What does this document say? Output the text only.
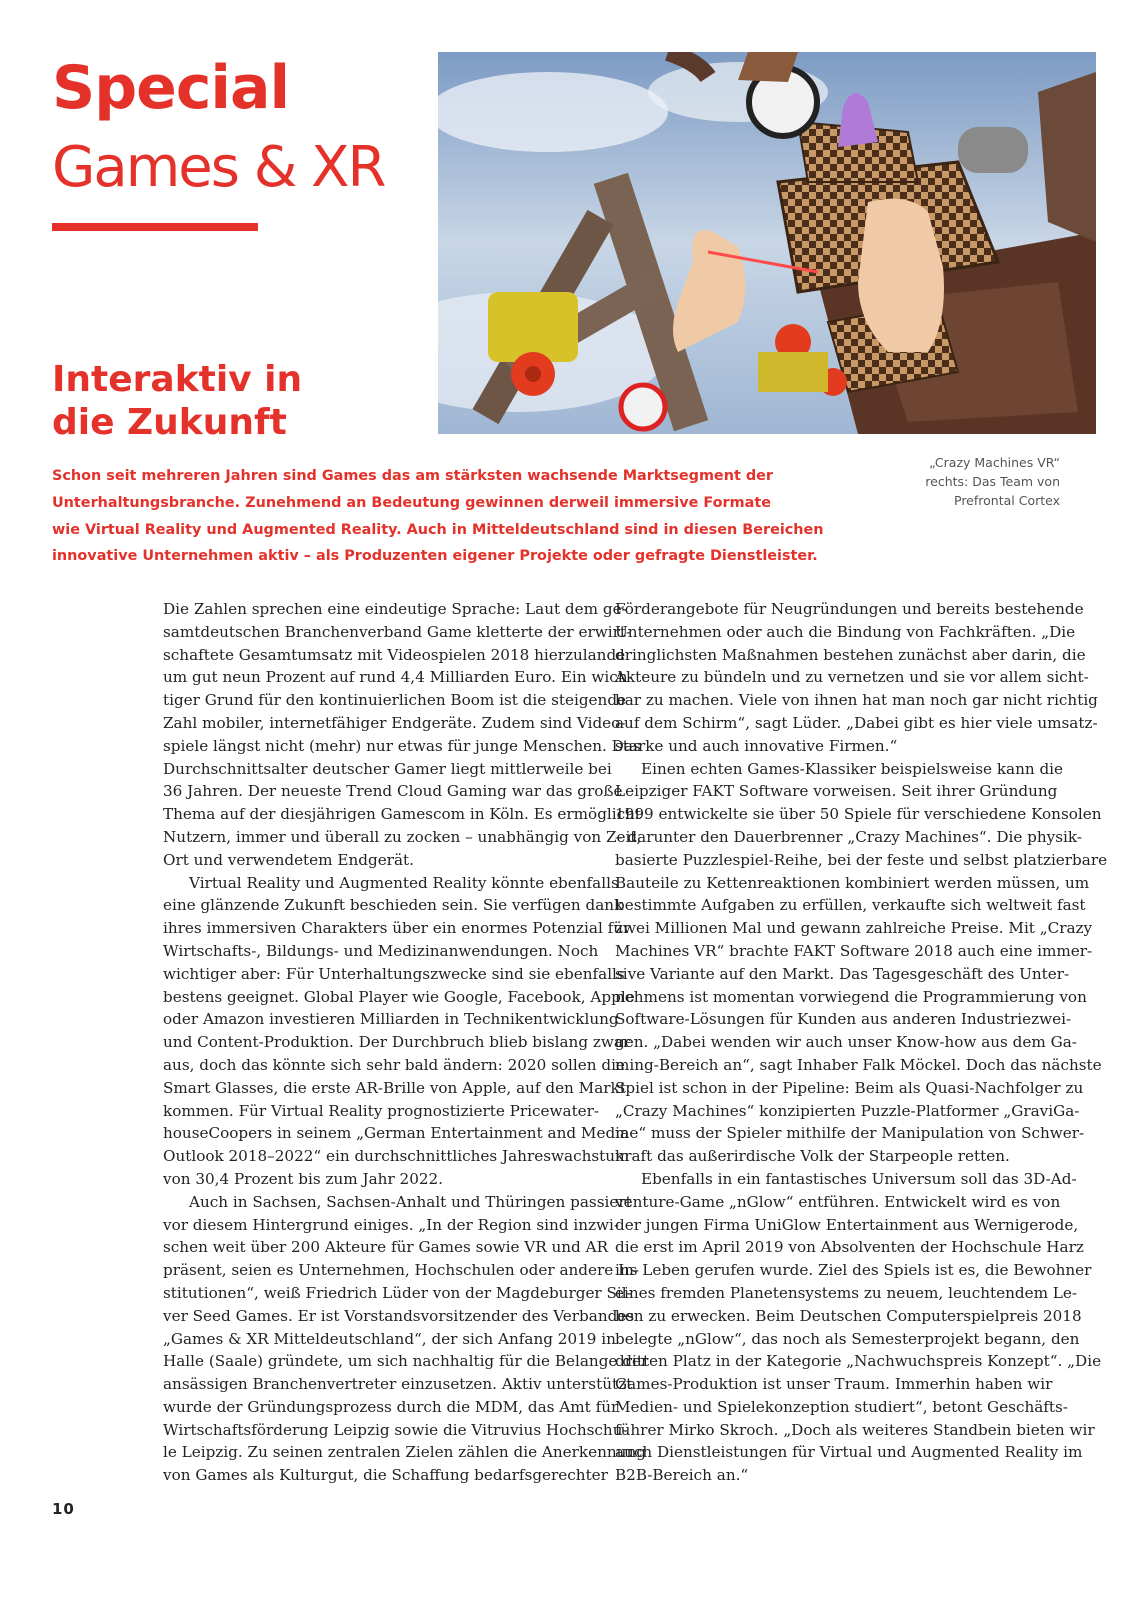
Special
Games & XR
„Crazy Machines VR“
rechts: Das Team von
Prefrontal Cortex
Interaktiv in
die Zukunft
Schon seit mehreren Jahren sind Games das am stärksten wachsende Marktsegment der
Unterhaltungsbranche. Zunehmend an Bedeutung gewinnen derweil immersive Formate
wie Virtual Reality und Augmented Reality. Auch in Mitteldeutschland sind in diesen Bereichen
innovative Unternehmen aktiv – als Produzenten eigener Projekte oder gefragte Dienstleister.
Die Zahlen sprechen eine eindeutige Sprache: Laut dem ge-
samtdeutschen Branchenverband Game kletterte der erwirt-
schaftete Gesamtumsatz mit Videospielen 2018 hierzulande
um gut neun Prozent auf rund 4,4 Milliarden Euro. Ein wich-
tiger Grund für den kontinuierlichen Boom ist die steigende
Zahl mobiler, internetfähiger Endgeräte. Zudem sind Video-
spiele längst nicht (mehr) nur etwas für junge Menschen. Das
Durchschnittsalter deutscher Gamer liegt mittlerweile bei
36 Jahren. Der neueste Trend Cloud Gaming war das große
Thema auf der diesjährigen Gamescom in Köln. Es ermöglicht
Nutzern, immer und überall zu zocken – unabhängig von Zeit,
Ort und verwendetem Endgerät.
Virtual Reality und Augmented Reality könnte ebenfalls
eine glänzende Zukunft beschieden sein. Sie verfügen dank
ihres immersiven Charakters über ein enormes Potenzial für
Wirtschafts-, Bildungs- und Medizinanwendungen. Noch
wichtiger aber: Für Unterhaltungszwecke sind sie ebenfalls
bestens geeignet. Global Player wie Google, Facebook, Apple
oder Amazon investieren Milliarden in Technikentwicklung
und Content-Produktion. Der Durchbruch blieb bislang zwar
aus, doch das könnte sich sehr bald ändern: 2020 sollen die
Smart Glasses, die erste AR-Brille von Apple, auf den Markt
kommen. Für Virtual Reality prognostizierte Pricewater-
houseCoopers in seinem „German Entertainment and Media
Outlook 2018–2022“ ein durchschnittliches Jahreswachstum
von 30,4 Prozent bis zum Jahr 2022.
Auch in Sachsen, Sachsen-Anhalt und Thüringen passiert
vor diesem Hintergrund einiges. „In der Region sind inzwi-
schen weit über 200 Akteure für Games sowie VR und AR
präsent, seien es Unternehmen, Hochschulen oder andere In-
stitutionen“, weiß Friedrich Lüder von der Magdeburger Sil-
ver Seed Games. Er ist Vorstandsvorsitzender des Verbandes
„Games & XR Mitteldeutschland“, der sich Anfang 2019 in
Halle (Saale) gründete, um sich nachhaltig für die Belange der
ansässigen Branchenvertreter einzusetzen. Aktiv unterstützt
wurde der Gründungsprozess durch die MDM, das Amt für
Wirtschaftsförderung Leipzig sowie die Vitruvius Hochschu-
le Leipzig. Zu seinen zentralen Zielen zählen die Anerkennung
von Games als Kulturgut, die Schaffung bedarfsgerechter
Förderangebote für Neugründungen und bereits bestehende
Unternehmen oder auch die Bindung von Fachkräften. „Die
dringlichsten Maßnahmen bestehen zunächst aber darin, die
Akteure zu bündeln und zu vernetzen und sie vor allem sicht-
bar zu machen. Viele von ihnen hat man noch gar nicht richtig
auf dem Schirm“, sagt Lüder. „Dabei gibt es hier viele umsatz-
starke und auch innovative Firmen.“
Einen echten Games-Klassiker beispielsweise kann die
Leipziger FAKT Software vorweisen. Seit ihrer Gründung
1999 entwickelte sie über 50 Spiele für verschiedene Konsolen
– darunter den Dauerbrenner „Crazy Machines“. Die physik-
basierte Puzzlespiel-Reihe, bei der feste und selbst platzierbare
Bauteile zu Kettenreaktionen kombiniert werden müssen, um
bestimmte Aufgaben zu erfüllen, verkaufte sich weltweit fast
zwei Millionen Mal und gewann zahlreiche Preise. Mit „Crazy
Machines VR“ brachte FAKT Software 2018 auch eine immer-
sive Variante auf den Markt. Das Tagesgeschäft des Unter-
nehmens ist momentan vorwiegend die Programmierung von
Software-Lösungen für Kunden aus anderen Industriezwei-
gen. „Dabei wenden wir auch unser Know-how aus dem Ga-
ming-Bereich an“, sagt Inhaber Falk Möckel. Doch das nächste
Spiel ist schon in der Pipeline: Beim als Quasi-Nachfolger zu
„Crazy Machines“ konzipierten Puzzle-Platformer „GraviGa-
me“ muss der Spieler mithilfe der Manipulation von Schwer-
kraft das außerirdische Volk der Starpeople retten.
Ebenfalls in ein fantastisches Universum soll das 3D-Ad-
venture-Game „nGlow“ entführen. Entwickelt wird es von
der jungen Firma UniGlow Entertainment aus Wernigerode,
die erst im April 2019 von Absolventen der Hochschule Harz
ins Leben gerufen wurde. Ziel des Spiels ist es, die Bewohner
eines fremden Planetensystems zu neuem, leuchtendem Le-
ben zu erwecken. Beim Deutschen Computerspielpreis 2018
belegte „nGlow“, das noch als Semesterprojekt begann, den
dritten Platz in der Kategorie „Nachwuchspreis Konzept“. „Die
Games-Produktion ist unser Traum. Immerhin haben wir
Medien- und Spielekonzeption studiert“, betont Geschäfts-
führer Mirko Skroch. „Doch als weiteres Standbein bieten wir
auch Dienstleistungen für Virtual und Augmented Reality im
B2B-Bereich an.“
10
